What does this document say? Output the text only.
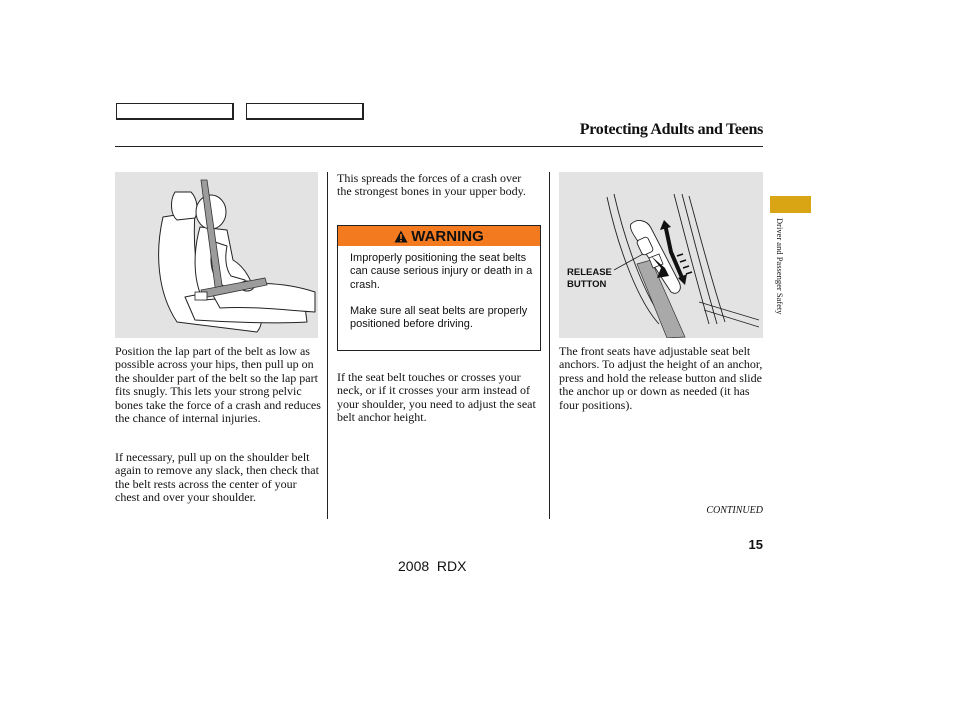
Protecting Adults and Teens

Position the lap part of the belt as low as possible across your hips, then pull up on the shoulder part of the belt so the lap part fits snugly. This lets your strong pelvic bones take the force of a crash and reduces the chance of internal injuries.

If necessary, pull up on the shoulder belt again to remove any slack, then check that the belt rests across the center of your chest and over your shoulder.

This spreads the forces of a crash over the strongest bones in your upper body.

WARNING

Improperly positioning the seat belts can cause serious injury or death in a crash.

Make sure all seat belts are properly positioned before driving.

If the seat belt touches or crosses your neck, or if it crosses your arm instead of your shoulder, you need to adjust the seat belt anchor height.

RELEASE
BUTTON

The front seats have adjustable seat belt anchors. To adjust the height of an anchor, press and hold the release button and slide the anchor up or down as needed (it has four positions).

CONTINUED
Driver and Passenger Safety
15
2008  RDX
